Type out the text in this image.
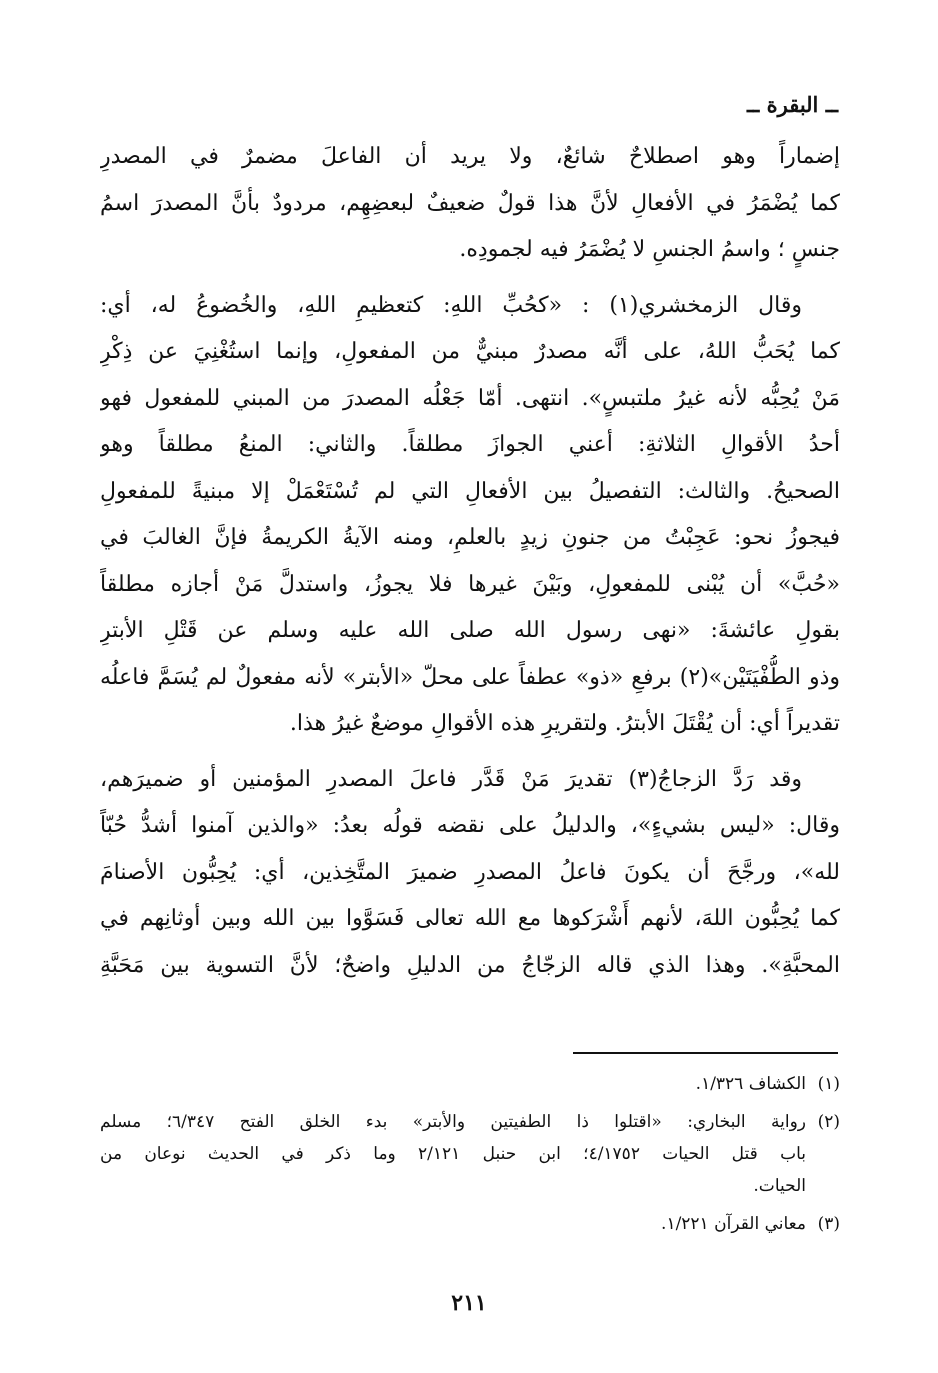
ــ البقرة ــ

إضماراً وهو اصطلاحٌ شائعٌ، ولا يريد أن الفاعلَ مضمرٌ في المصدرِ
كما يُضْمَرُ في الأفعالِ لأنَّ هذا قولٌ ضعيفٌ لبعضِهِم، مردودٌ بأنَّ المصدرَ اسمُ
جنسٍ ؛ واسمُ الجنسِ لا يُضْمَرُ فيه لجمودِه.

وقال الزمخشري(١) : «كحُبِّ اللهِ: كتعظيمِ اللهِ، والخُضوعُ له، أي:
كما يُحَبُّ اللهُ، على أنَّه مصدرٌ مبنيٌّ من المفعولِ، وإنما استُغْنِيَ عن ذِكْرِ
مَنْ يُحِبُّه لأنه غيرُ ملتبسٍ». انتهى. أمّا جَعْلُه المصدرَ من المبني للمفعول فهو
أحدُ الأقوالِ الثلاثةِ: أعني الجوازَ مطلقاً. والثاني: المنعُ مطلقاً وهو
الصحيحُ. والثالث: التفصيلُ بين الأفعالِ التي لم تُسْتَعْمَلْ إلا مبنيةً للمفعولِ
فيجوزُ نحو: عَجِبْتُ من جنونِ زيدٍ بالعلمِ، ومنه الآيةُ الكريمةُ فإنَّ الغالبَ في
«حُبَّ» أن يُبْنى للمفعولِ، وبَيْنَ غيرها فلا يجوزُ، واستدلَّ مَنْ أجازه مطلقاً
بقولِ عائشةَ: «نهى رسول الله صلى الله عليه وسلم عن قَتْلِ الأبترِ
وذو الطُّفْيَتَيْن»(٢) برفعِ «ذو» عطفاً على محلّ «الأبتر» لأنه مفعولٌ لم يُسَمَّ فاعلُه
تقديراً أي: أن يُقْتَلَ الأبترُ. ولتقريرِ هذه الأقوالِ موضعٌ غيرُ هذا.

وقد رَدَّ الزجاجُ(٣) تقديرَ مَنْ قَدَّر فاعلَ المصدرِ المؤمنين أو ضميرَهم،
وقال: «ليس بشيءٍ»، والدليلُ على نقضه قولُه بعدُ: «والذين آمنوا أشدُّ حُبّاً
لله»، ورجَّحَ أن يكونَ فاعلُ المصدرِ ضميرَ المتَّخِذين، أي: يُحِبُّون الأصنامَ
كما يُحِبُّون اللهَ، لأنهم أَشْرَكوها مع الله تعالى فَسَوَّوا بين الله وبين أوثانِهم في
المحبَّةِ». وهذا الذي قاله الزجّاجُ من الدليلِ واضحٌ؛ لأنَّ التسوية بين مَحَبَّةِ

(١)
الكشاف ١/٣٢٦.
(٢)
رواية البخاري: «اقتلوا ذا الطفيتين والأبتر» بدء الخلق الفتح ٦/٣٤٧؛ مسلم
باب قتل الحيات ٤/١٧٥٢؛ ابن حنبل ٢/١٢١ وما ذكر في الحديث نوعان من
الحيات.
(٣)
معاني القرآن ١/٢٢١.
٢١١
